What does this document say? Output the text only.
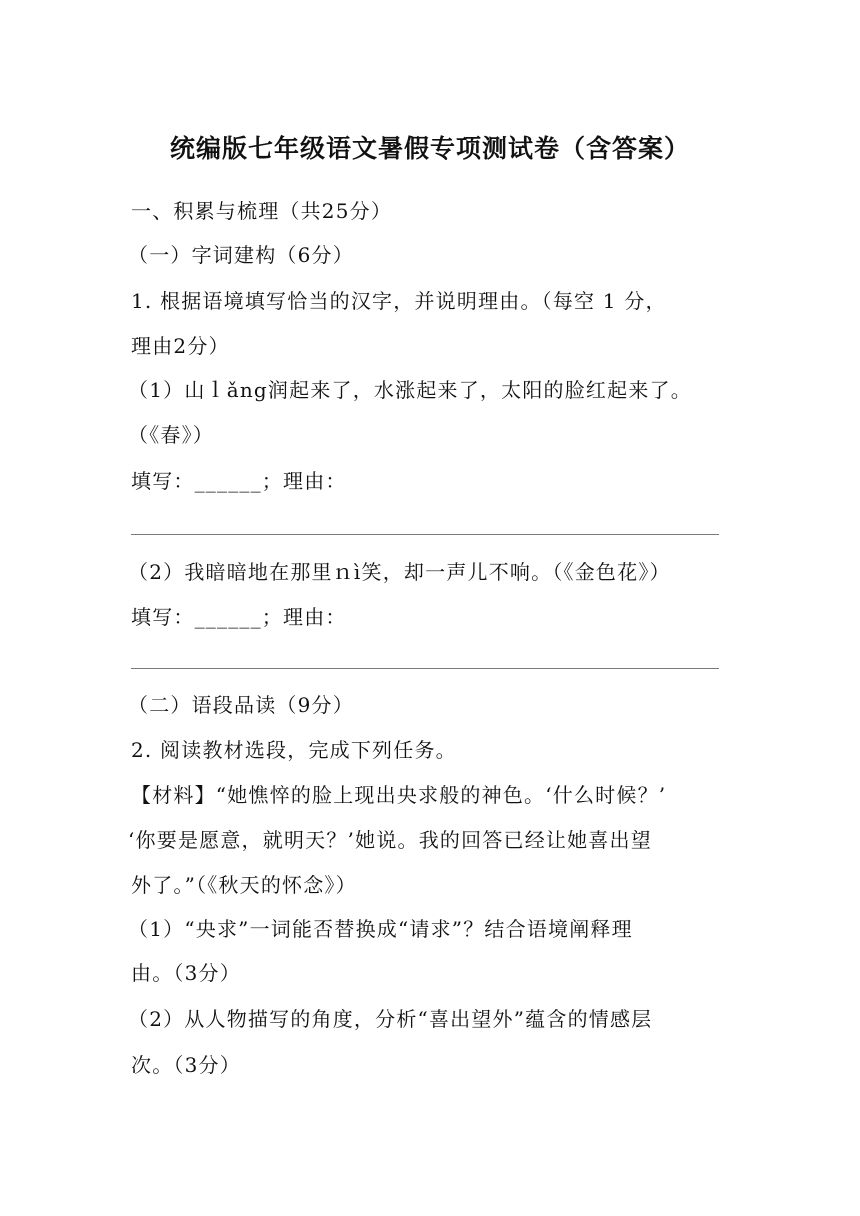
统编版七年级语文暑假专项测试卷（含答案）
一、积累与梳理（共25分）
（一）字词建构（6分）
1. 根据语境填写恰当的汉字，并说明理由。（每空 1 分，
理由2分）
（1）山ｌǎng润起来了，水涨起来了，太阳的脸红起来了。
（《春》）
填写：______；理由：
（2）我暗暗地在那里ｎì笑，却一声儿不响。（《金色花》）
填写：______；理由：
（二）语段品读（9分）
2. 阅读教材选段，完成下列任务。
【材料】“她憔悴的脸上现出央求般的神色。‘什么时候？’
‘你要是愿意，就明天？’她说。我的回答已经让她喜出望
外了。”（《秋天的怀念》）
（1）“央求”一词能否替换成“请求”？结合语境阐释理
由。（3分）
（2）从人物描写的角度，分析“喜出望外”蕴含的情感层
次。（3分）
